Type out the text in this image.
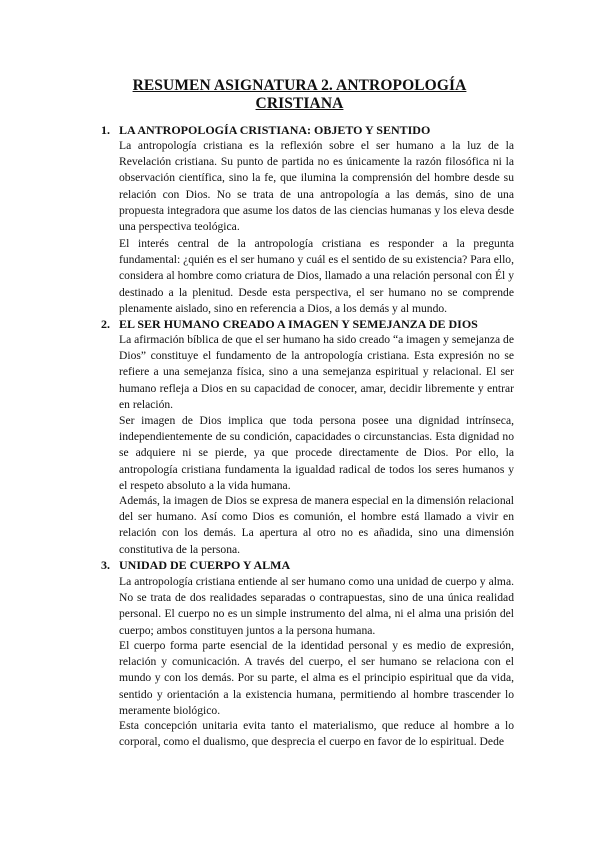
RESUMEN ASIGNATURA 2. ANTROPOLOGÍA
CRISTIANA
1. LA ANTROPOLOGÍA CRISTIANA: OBJETO Y SENTIDO

La antropología cristiana es la reflexión sobre el ser humano a la luz de la Revelación cristiana. Su punto de partida no es únicamente la razón filosófica ni la observación científica, sino la fe, que ilumina la comprensión del hombre desde su relación con Dios. No se trata de una antropología a las demás, sino de una propuesta integradora que asume los datos de las ciencias humanas y los eleva desde una perspectiva teológica.

El interés central de la antropología cristiana es responder a la pregunta fundamental: ¿quién es el ser humano y cuál es el sentido de su existencia? Para ello, considera al hombre como criatura de Dios, llamado a una relación personal con Él y destinado a la plenitud. Desde esta perspectiva, el ser humano no se comprende plenamente aislado, sino en referencia a Dios, a los demás y al mundo.

2. EL SER HUMANO CREADO A IMAGEN Y SEMEJANZA DE DIOS

La afirmación bíblica de que el ser humano ha sido creado “a imagen y semejanza de Dios” constituye el fundamento de la antropología cristiana. Esta expresión no se refiere a una semejanza física, sino a una semejanza espiritual y relacional. El ser humano refleja a Dios en su capacidad de conocer, amar, decidir libremente y entrar en relación.

Ser imagen de Dios implica que toda persona posee una dignidad intrínseca, independientemente de su condición, capacidades o circunstancias. Esta dignidad no se adquiere ni se pierde, ya que procede directamente de Dios. Por ello, la antropología cristiana fundamenta la igualdad radical de todos los seres humanos y el respeto absoluto a la vida humana.

Además, la imagen de Dios se expresa de manera especial en la dimensión relacional del ser humano. Así como Dios es comunión, el hombre está llamado a vivir en relación con los demás. La apertura al otro no es añadida, sino una dimensión constitutiva de la persona.

3. UNIDAD DE CUERPO Y ALMA

La antropología cristiana entiende al ser humano como una unidad de cuerpo y alma. No se trata de dos realidades separadas o contrapuestas, sino de una única realidad personal. El cuerpo no es un simple instrumento del alma, ni el alma una prisión del cuerpo; ambos constituyen juntos a la persona humana.

El cuerpo forma parte esencial de la identidad personal y es medio de expresión, relación y comunicación. A través del cuerpo, el ser humano se relaciona con el mundo y con los demás. Por su parte, el alma es el principio espiritual que da vida, sentido y orientación a la existencia humana, permitiendo al hombre trascender lo meramente biológico.

Esta concepción unitaria evita tanto el materialismo, que reduce al hombre a lo corporal, como el dualismo, que desprecia el cuerpo en favor de lo espiritual. Dede
